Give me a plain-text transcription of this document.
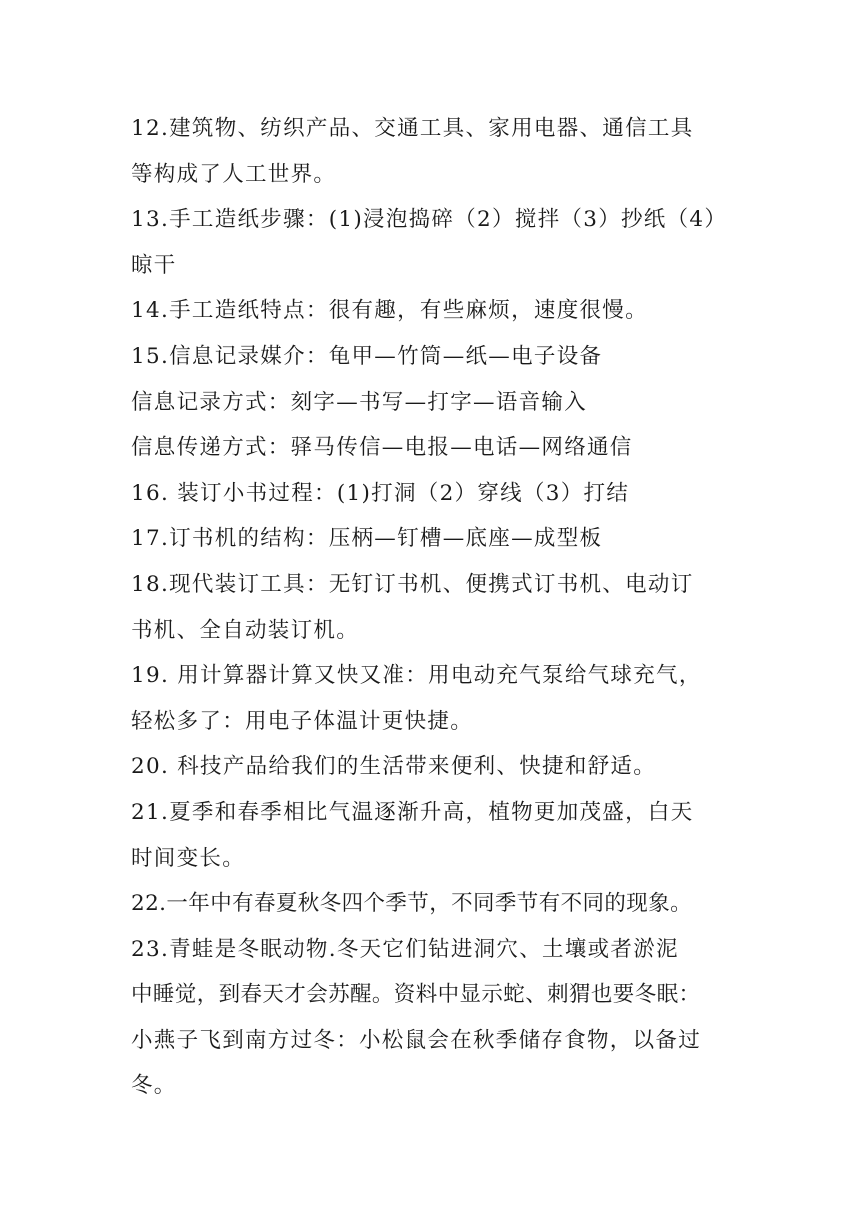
12.建筑物、纺织产品、交通工具、家用电器、通信工具
等构成了人工世界。
13.手工造纸步骤：(1)浸泡捣碎（2）搅拌（3）抄纸（4）
晾干
14.手工造纸特点：很有趣，有些麻烦，速度很慢。
15.信息记录媒介：龟甲—竹筒—纸—电子设备
信息记录方式：刻字—书写—打字—语音输入
信息传递方式：驿马传信—电报—电话—网络通信
16. 装订小书过程：(1)打洞（2）穿线（3）打结
17.订书机的结构：压柄—钉槽—底座—成型板
18.现代装订工具：无钉订书机、便携式订书机、电动订
书机、全自动装订机。
19. 用计算器计算又快又准：用电动充气泵给气球充气，
轻松多了：用电子体温计更快捷。
20. 科技产品给我们的生活带来便利、快捷和舒适。
21.夏季和春季相比气温逐渐升高，植物更加茂盛，白天
时间变长。
22.一年中有春夏秋冬四个季节，不同季节有不同的现象。
23.青蛙是冬眠动物.冬天它们钻进洞穴、土壤或者淤泥
中睡觉，到春天才会苏醒。资料中显示蛇、刺猬也要冬眠：
小燕子飞到南方过冬：小松鼠会在秋季储存食物，以备过
冬。
